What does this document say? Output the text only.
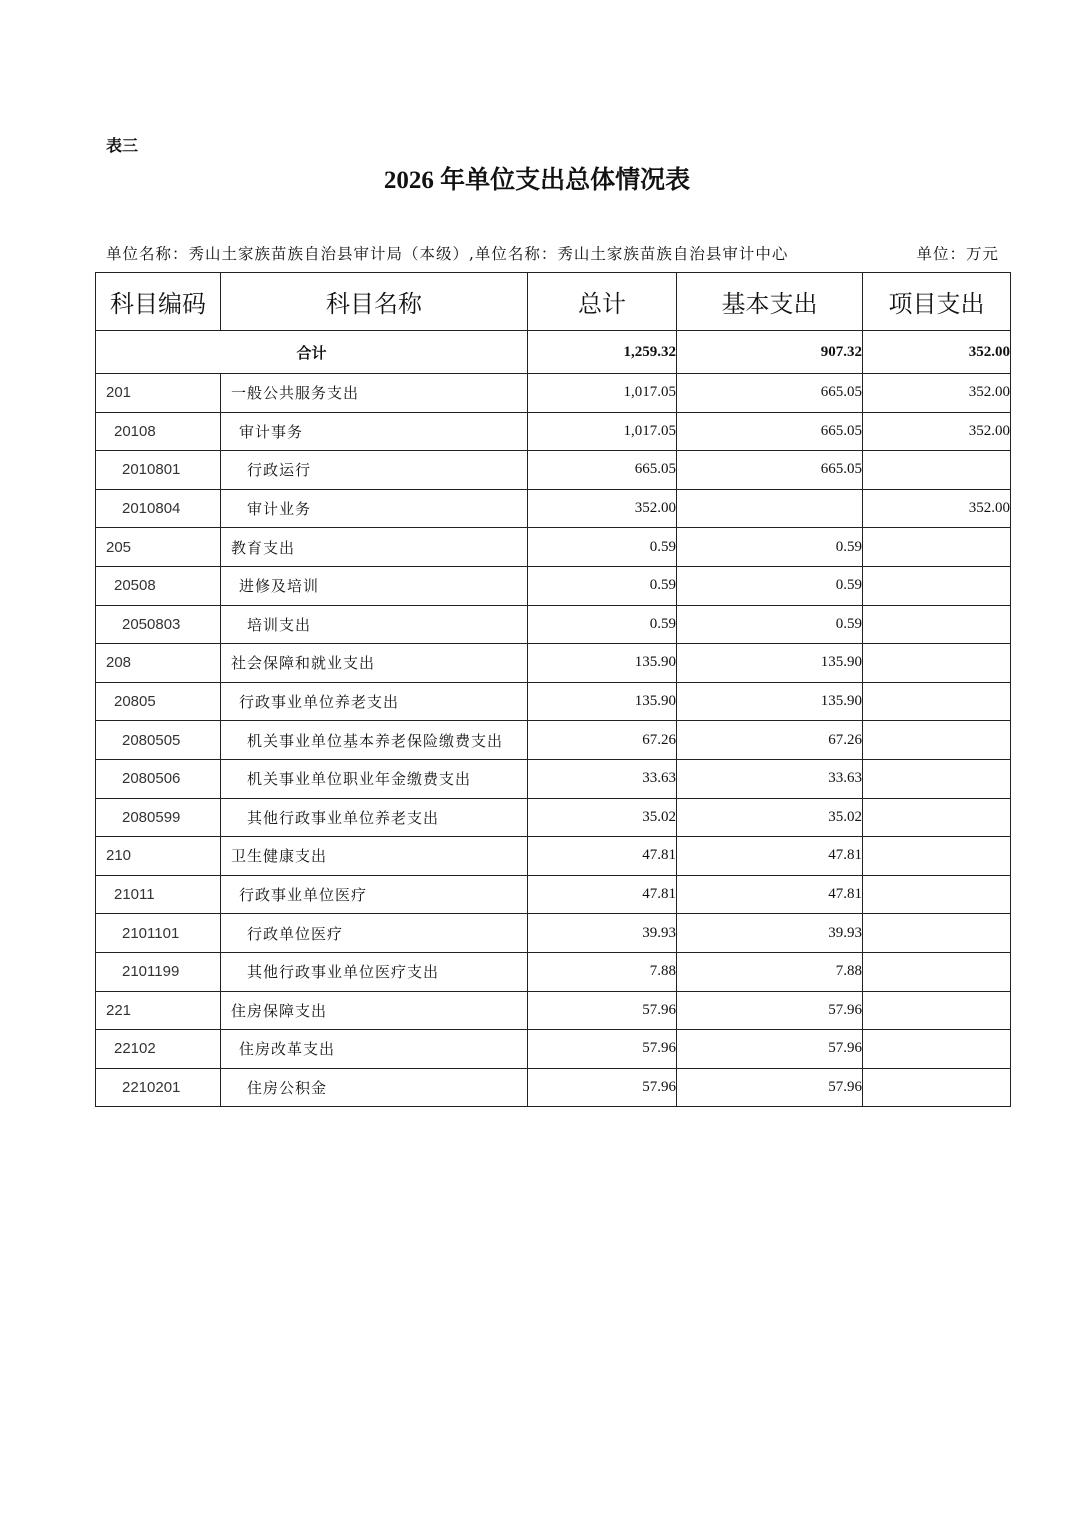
表三
2026 年单位支出总体情况表
单位名称：秀山土家族苗族自治县审计局（本级）,单位名称：秀山土家族苗族自治县审计中心	单位：万元
科目编码	科目名称	总计	基本支出	项目支出
合计		1,259.32	907.32	352.00
201	一般公共服务支出	1,017.05	665.05	352.00
20108	审计事务	1,017.05	665.05	352.00
2010801	行政运行	665.05	665.05	
2010804	审计业务	352.00		352.00
205	教育支出	0.59	0.59	
20508	进修及培训	0.59	0.59	
2050803	培训支出	0.59	0.59	
208	社会保障和就业支出	135.90	135.90	
20805	行政事业单位养老支出	135.90	135.90	
2080505	机关事业单位基本养老保险缴费支出	67.26	67.26	
2080506	机关事业单位职业年金缴费支出	33.63	33.63	
2080599	其他行政事业单位养老支出	35.02	35.02	
210	卫生健康支出	47.81	47.81	
21011	行政事业单位医疗	47.81	47.81	
2101101	行政单位医疗	39.93	39.93	
2101199	其他行政事业单位医疗支出	7.88	7.88	
221	住房保障支出	57.96	57.96	
22102	住房改革支出	57.96	57.96	
2210201	住房公积金	57.96	57.96	
